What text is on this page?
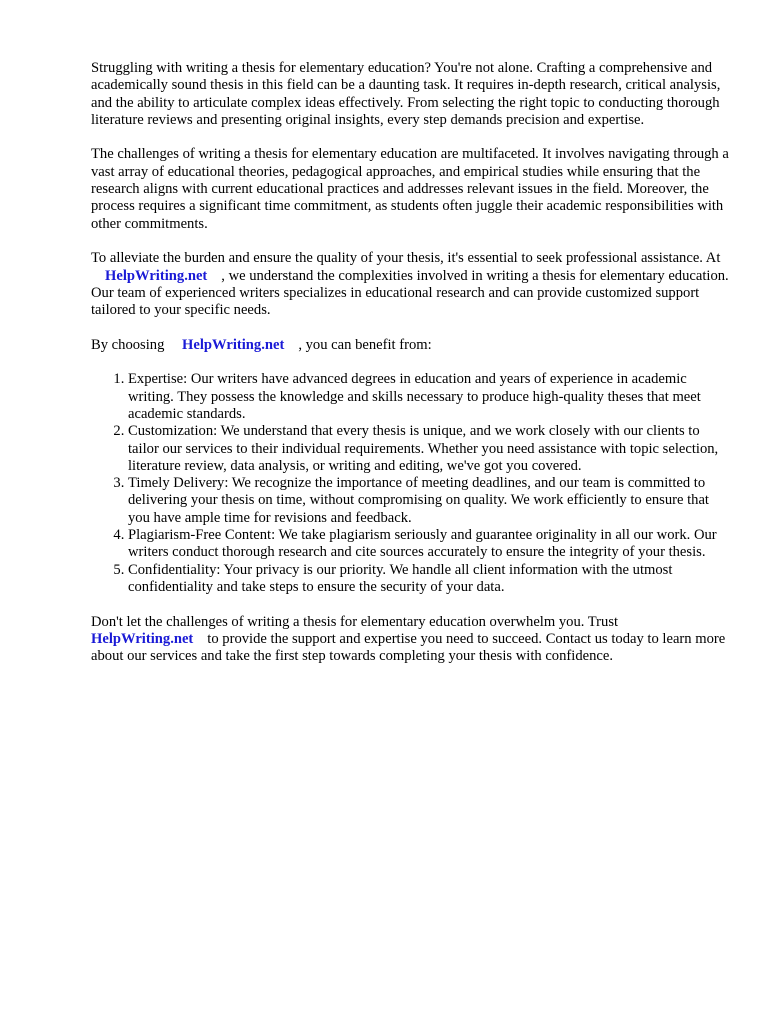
Struggling with writing a thesis for elementary education? You're not alone. Crafting a comprehensive and academically sound thesis in this field can be a daunting task. It requires in-depth research, critical analysis, and the ability to articulate complex ideas effectively. From selecting the right topic to conducting thorough literature reviews and presenting original insights, every step demands precision and expertise.

The challenges of writing a thesis for elementary education are multifaceted. It involves navigating through a vast array of educational theories, pedagogical approaches, and empirical studies while ensuring that the research aligns with current educational practices and addresses relevant issues in the field. Moreover, the process requires a significant time commitment, as students often juggle their academic responsibilities with other commitments.

To alleviate the burden and ensure the quality of your thesis, it's essential to seek professional assistance. At HelpWriting.net , we understand the complexities involved in writing a thesis for elementary education. Our team of experienced writers specializes in educational research and can provide customized support tailored to your specific needs.

By choosing HelpWriting.net , you can benefit from:

1. Expertise: Our writers have advanced degrees in education and years of experience in academic writing. They possess the knowledge and skills necessary to produce high-quality theses that meet academic standards.
2. Customization: We understand that every thesis is unique, and we work closely with our clients to tailor our services to their individual requirements. Whether you need assistance with topic selection, literature review, data analysis, or writing and editing, we've got you covered.
3. Timely Delivery: We recognize the importance of meeting deadlines, and our team is committed to delivering your thesis on time, without compromising on quality. We work efficiently to ensure that you have ample time for revisions and feedback.
4. Plagiarism-Free Content: We take plagiarism seriously and guarantee originality in all our work. Our writers conduct thorough research and cite sources accurately to ensure the integrity of your thesis.
5. Confidentiality: Your privacy is our priority. We handle all client information with the utmost confidentiality and take steps to ensure the security of your data.

Don't let the challenges of writing a thesis for elementary education overwhelm you. Trust
HelpWriting.net to provide the support and expertise you need to succeed. Contact us today to learn more about our services and take the first step towards completing your thesis with confidence.
